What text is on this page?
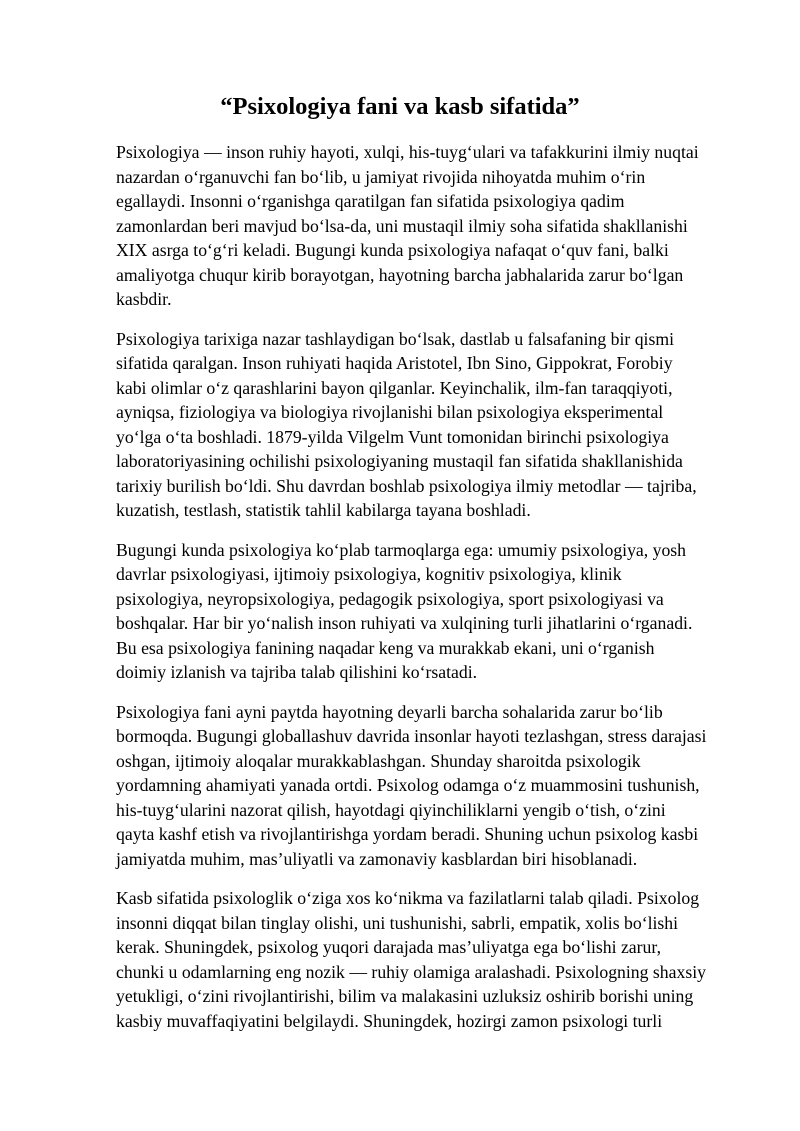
“Psixologiya fani va kasb sifatida”

Psixologiya — inson ruhiy hayoti, xulqi, his-tuyg‘ulari va tafakkurini ilmiy nuqtai
nazardan o‘rganuvchi fan bo‘lib, u jamiyat rivojida nihoyatda muhim o‘rin
egallaydi. Insonni o‘rganishga qaratilgan fan sifatida psixologiya qadim
zamonlardan beri mavjud bo‘lsa-da, uni mustaqil ilmiy soha sifatida shakllanishi
XIX asrga to‘g‘ri keladi. Bugungi kunda psixologiya nafaqat o‘quv fani, balki
amaliyotga chuqur kirib borayotgan, hayotning barcha jabhalarida zarur bo‘lgan
kasbdir.

Psixologiya tarixiga nazar tashlaydigan bo‘lsak, dastlab u falsafaning bir qismi
sifatida qaralgan. Inson ruhiyati haqida Aristotel, Ibn Sino, Gippokrat, Forobiy
kabi olimlar o‘z qarashlarini bayon qilganlar. Keyinchalik, ilm-fan taraqqiyoti,
ayniqsa, fiziologiya va biologiya rivojlanishi bilan psixologiya eksperimental
yo‘lga o‘ta boshladi. 1879-yilda Vilgelm Vunt tomonidan birinchi psixologiya
laboratoriyasining ochilishi psixologiyaning mustaqil fan sifatida shakllanishida
tarixiy burilish bo‘ldi. Shu davrdan boshlab psixologiya ilmiy metodlar — tajriba,
kuzatish, testlash, statistik tahlil kabilarga tayana boshladi.

Bugungi kunda psixologiya ko‘plab tarmoqlarga ega: umumiy psixologiya, yosh
davrlar psixologiyasi, ijtimoiy psixologiya, kognitiv psixologiya, klinik
psixologiya, neyropsixologiya, pedagogik psixologiya, sport psixologiyasi va
boshqalar. Har bir yo‘nalish inson ruhiyati va xulqining turli jihatlarini o‘rganadi.
Bu esa psixologiya fanining naqadar keng va murakkab ekani, uni o‘rganish
doimiy izlanish va tajriba talab qilishini ko‘rsatadi.

Psixologiya fani ayni paytda hayotning deyarli barcha sohalarida zarur bo‘lib
bormoqda. Bugungi globallashuv davrida insonlar hayoti tezlashgan, stress darajasi
oshgan, ijtimoiy aloqalar murakkablashgan. Shunday sharoitda psixologik
yordamning ahamiyati yanada ortdi. Psixolog odamga o‘z muammosini tushunish,
his-tuyg‘ularini nazorat qilish, hayotdagi qiyinchiliklarni yengib o‘tish, o‘zini
qayta kashf etish va rivojlantirishga yordam beradi. Shuning uchun psixolog kasbi
jamiyatda muhim, mas’uliyatli va zamonaviy kasblardan biri hisoblanadi.

Kasb sifatida psixologlik o‘ziga xos ko‘nikma va fazilatlarni talab qiladi. Psixolog
insonni diqqat bilan tinglay olishi, uni tushunishi, sabrli, empatik, xolis bo‘lishi
kerak. Shuningdek, psixolog yuqori darajada mas’uliyatga ega bo‘lishi zarur,
chunki u odamlarning eng nozik — ruhiy olamiga aralashadi. Psixologning shaxsiy
yetukligi, o‘zini rivojlantirishi, bilim va malakasini uzluksiz oshirib borishi uning
kasbiy muvaffaqiyatini belgilaydi. Shuningdek, hozirgi zamon psixologi turli
